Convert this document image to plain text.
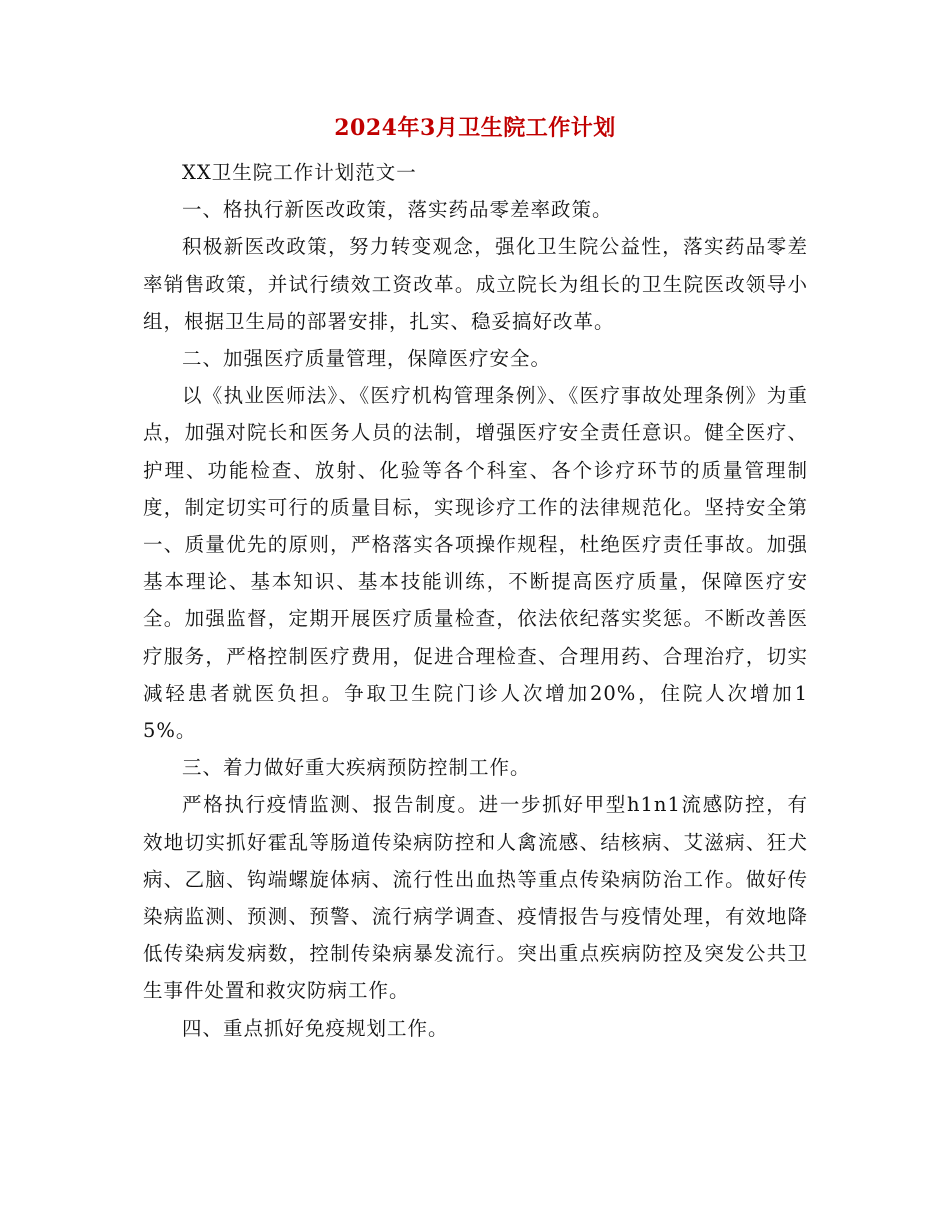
2024年3月卫生院工作计划

XX卫生院工作计划范文一

一、格执行新医改政策，落实药品零差率政策。

积极新医改政策，努力转变观念，强化卫生院公益性，落实药品零差率销售政策，并试行绩效工资改革。成立院长为组长的卫生院医改领导小组，根据卫生局的部署安排，扎实、稳妥搞好改革。

二、加强医疗质量管理，保障医疗安全。

以《执业医师法》、《医疗机构管理条例》、《医疗事故处理条例》为重点，加强对院长和医务人员的法制，增强医疗安全责任意识。健全医疗、护理、功能检查、放射、化验等各个科室、各个诊疗环节的质量管理制度，制定切实可行的质量目标，实现诊疗工作的法律规范化。坚持安全第一、质量优先的原则，严格落实各项操作规程，杜绝医疗责任事故。加强基本理论、基本知识、基本技能训练，不断提高医疗质量，保障医疗安全。加强监督，定期开展医疗质量检查，依法依纪落实奖惩。不断改善医疗服务，严格控制医疗费用，促进合理检查、合理用药、合理治疗，切实减轻患者就医负担。争取卫生院门诊人次增加20%，住院人次增加15%。

三、着力做好重大疾病预防控制工作。

严格执行疫情监测、报告制度。进一步抓好甲型h1n1流感防控，有效地切实抓好霍乱等肠道传染病防控和人禽流感、结核病、艾滋病、狂犬病、乙脑、钩端螺旋体病、流行性出血热等重点传染病防治工作。做好传染病监测、预测、预警、流行病学调查、疫情报告与疫情处理，有效地降低传染病发病数，控制传染病暴发流行。突出重点疾病防控及突发公共卫生事件处置和救灾防病工作。

四、重点抓好免疫规划工作。
